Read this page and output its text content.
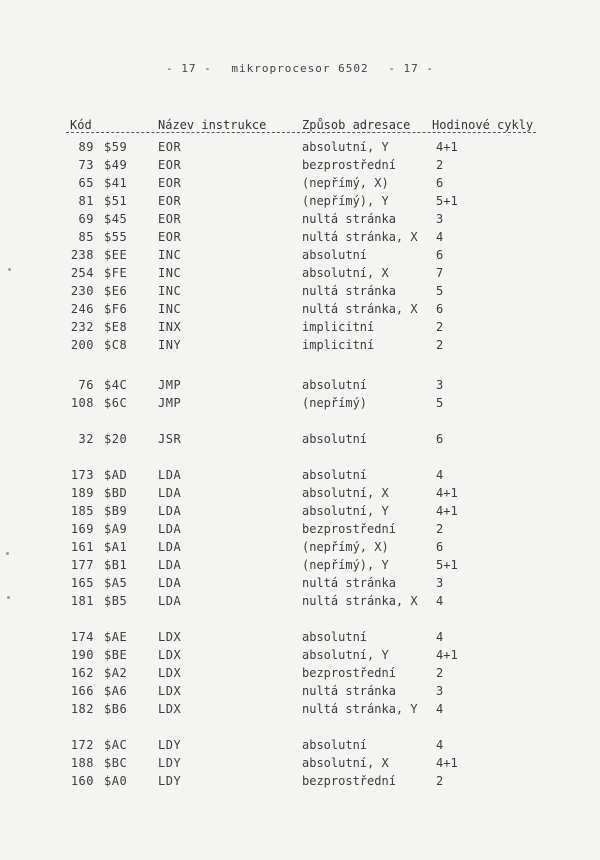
- 17 - mikroprocesor 6502 - 17 -
Kód	Název instrukce	Způsob adresace Hodinové cykly
89 $59	EOR	absolutní, Y	4+1
73 $49	EOR	bezprostřední	2
65 $41	EOR	(nepřímý, X)	6
81 $51	EOR	(nepřímý), Y	5+1
69 $45	EOR	nultá stránka	3
85 $55	EOR	nultá stránka, X 4
238 $EE	INC	absolutní	6
254 $FE	INC	absolutní, X	7
230 $E6	INC	nultá stránka	5
246 $F6	INC	nultá stránka, X 6
232 $E8	INX	implicitní	2
200 $C8	INY	implicitní	2
76 $4C	JMP	absolutní	3
108 $6C	JMP	(nepřímý)	5
32 $20	JSR	absolutní	6
173 $AD	LDA	absolutní	4
189 $BD	LDA	absolutní, X	4+1
185 $B9	LDA	absolutní, Y	4+1
169 $A9	LDA	bezprostřední	2
161 $A1	LDA	(nepřímý, X)	6
177 $B1	LDA	(nepřímý), Y	5+1
165 $A5	LDA	nultá stránka	3
181 $B5	LDA	nultá stránka, X 4
174 $AE	LDX	absolutní	4
190 $BE	LDX	absolutní, Y	4+1
162 $A2	LDX	bezprostřední	2
166 $A6	LDX	nultá stránka	3
182 $B6	LDX	nultá stránka, Y 4
172 $AC	LDY	absolutní	4
188 $BC	LDY	absolutní, X	4+1
160 $A0	LDY	bezprostřední	2
